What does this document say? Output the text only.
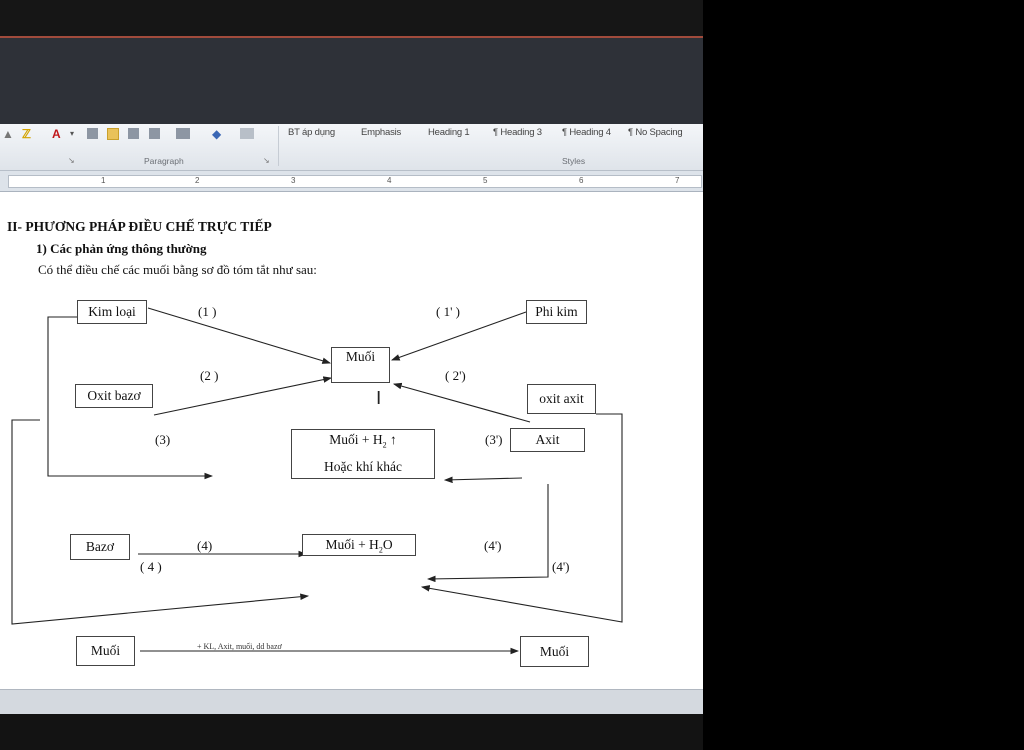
▲ ℤ A ▾	◆	BT áp dụng	Emphasis	Heading 1 ¶ Heading 3 ¶ Heading 4 ¶ No Spacing
Paragraph	↘
↘	Styles
1	2	3	4	5	6	7
II- PHƯƠNG PHÁP ĐIỀU CHẾ TRỰC TIẾP
1) Các phản ứng thông thường
Có thể điều chế các muối bằng sơ đồ tóm tắt như sau:
Kim loại	Phi kim
Muối
Oxit bazơ	oxit axit
Axit
Muối + $H_2$ ↑
Hoặc khí khác
Bazơ	Muối + $H_2O$
Muối	Muối
(1 )	( 1' )
(2 )	( 2')
(3)	(3')
(4)
( 4 )
(4')
(4')
+ KL, Axit, muối, dd bazơ
I
